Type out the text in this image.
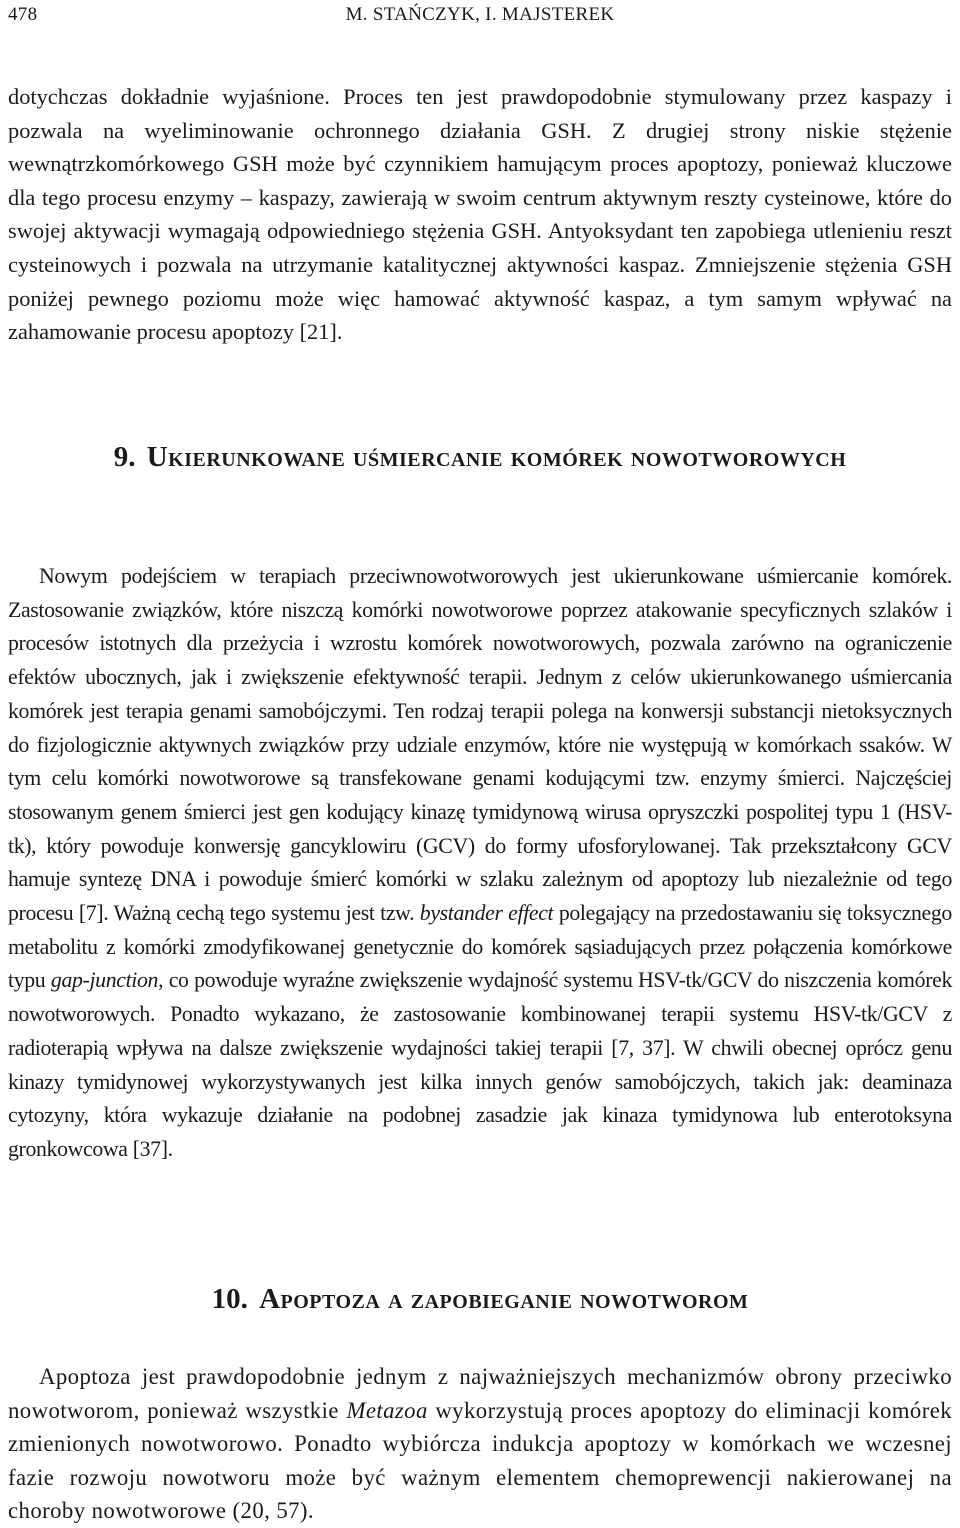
478	M. STAŃCZYK, I. MAJSTEREK

dotychczas dokładnie wyjaśnione. Proces ten jest prawdopodobnie stymulowany przez kaspazy i pozwala na wyeliminowanie ochronnego działania GSH. Z drugiej strony niskie stężenie wewnątrzkomórkowego GSH może być czynnikiem hamującym proces apoptozy, ponieważ kluczowe dla tego procesu enzymy – kaspazy, zawierają w swoim centrum aktywnym reszty cysteinowe, które do swojej aktywacji wymagają odpowiedniego stężenia GSH. Antyoksydant ten zapobiega utlenieniu reszt cysteinowych i pozwala na utrzymanie katalitycznej aktywności kaspaz. Zmniejszenie stężenia GSH poniżej pewnego poziomu może więc hamować aktywność kaspaz, a tym samym wpływać na zahamowanie procesu apoptozy [21].

9. Ukierunkowane uśmiercanie komórek nowotworowych

Nowym podejściem w terapiach przeciwnowotworowych jest ukierunkowane uśmiercanie komórek. Zastosowanie związków, które niszczą komórki nowotworowe poprzez atakowanie specyficznych szlaków i procesów istotnych dla przeżycia i wzrostu komórek nowotworowych, pozwala zarówno na ograniczenie efektów ubocznych, jak i zwiększenie efektywność terapii. Jednym z celów ukierunkowanego uśmiercania komórek jest terapia genami samobójczymi. Ten rodzaj terapii polega na konwersji substancji nietoksycznych do fizjologicznie aktywnych związków przy udziale enzymów, które nie występują w komórkach ssaków. W tym celu komórki nowotworowe są transfekowane genami kodującymi tzw. enzymy śmierci. Najczęściej stosowanym genem śmierci jest gen kodujący kinazę tymidynową wirusa opryszczki pospolitej typu 1 (HSV-tk), który powoduje konwersję gancyklowiru (GCV) do formy ufosforylowanej. Tak przekształcony GCV hamuje syntezę DNA i powoduje śmierć komórki w szlaku zależnym od apoptozy lub niezależnie od tego procesu [7]. Ważną cechą tego systemu jest tzw. bystander effect polegający na przedostawaniu się toksycznego metabolitu z komórki zmodyfikowanej genetycznie do komórek sąsiadujących przez połączenia komórkowe typu gap-junction, co powoduje wyraźne zwiększenie wydajność systemu HSV-tk/GCV do niszczenia komórek nowotworowych. Ponadto wykazano, że zastosowanie kombinowanej terapii systemu HSV-tk/GCV z radioterapią wpływa na dalsze zwiększenie wydajności takiej terapii [7, 37]. W chwili obecnej oprócz genu kinazy tymidynowej wykorzystywanych jest kilka innych genów samobójczych, takich jak: deaminaza cytozyny, która wykazuje działanie na podobnej zasadzie jak kinaza tymidynowa lub enterotoksyna gronkowcowa [37].

10. Apoptoza a zapobieganie nowotworom

Apoptoza jest prawdopodobnie jednym z najważniejszych mechanizmów obrony przeciwko nowotworom, ponieważ wszystkie Metazoa wykorzystują proces apoptozy do eliminacji komórek zmienionych nowotworowo. Ponadto wybiórcza indukcja apoptozy w komórkach we wczesnej fazie rozwoju nowotworu może być ważnym elementem chemoprewencji nakierowanej na choroby nowotworowe (20, 57).
